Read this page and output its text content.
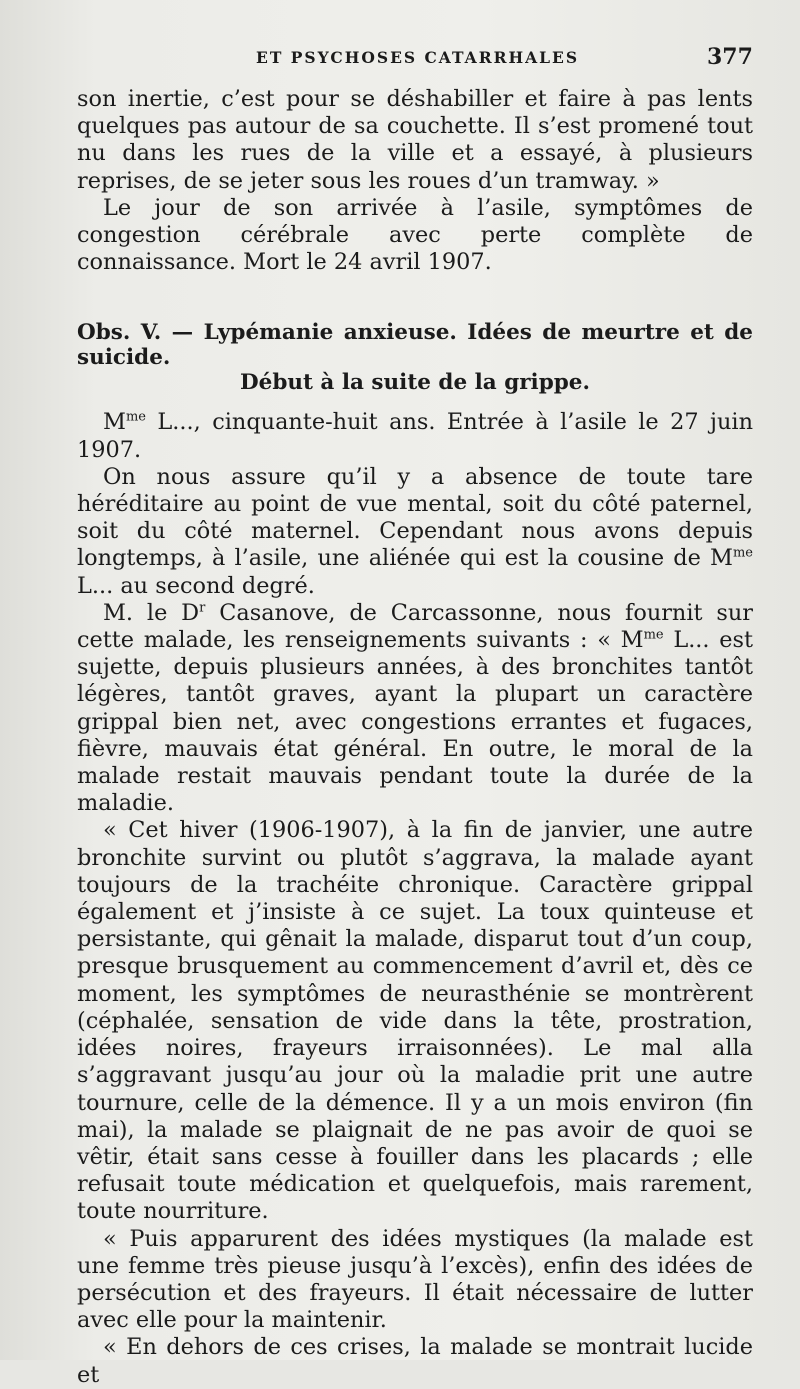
ET PSYCHOSES CATARRHALES	377

son inertie, c’est pour se déshabiller et faire à pas lents quelques pas autour de sa couchette. Il s’est promené tout nu dans les rues de la ville et a essayé, à plusieurs reprises, de se jeter sous les roues d’un tramway. »

Le jour de son arrivée à l’asile, symptômes de congestion cérébrale avec perte complète de connaissance. Mort le 24 avril 1907.

Obs. V. — Lypémanie anxieuse. Idées de meurtre et de suicide.
Début à la suite de la grippe.

$M^{me}$ L..., cinquante-huit ans. Entrée à l’asile le 27 juin 1907.

On nous assure qu’il y a absence de toute tare héréditaire au point de vue mental, soit du côté paternel, soit du côté maternel. Cependant nous avons depuis longtemps, à l’asile, une aliénée qui est la cousine de $M^{me}$ L... au second degré.

M. le $D^r$ Casanove, de Carcassonne, nous fournit sur cette malade, les renseignements suivants : « $M^{me}$ L... est sujette, depuis plusieurs années, à des bronchites tantôt légères, tantôt graves, ayant la plupart un caractère grippal bien net, avec congestions errantes et fugaces, fièvre, mauvais état général. En outre, le moral de la malade restait mauvais pendant toute la durée de la maladie.

« Cet hiver (1906-1907), à la fin de janvier, une autre bronchite survint ou plutôt s’aggrava, la malade ayant toujours de la trachéite chronique. Caractère grippal également et j’insiste à ce sujet. La toux quinteuse et persistante, qui gênait la malade, disparut tout d’un coup, presque brusquement au commencement d’avril et, dès ce moment, les symptômes de neurasthénie se montrèrent (céphalée, sensation de vide dans la tête, prostration, idées noires, frayeurs irraisonnées). Le mal alla s’aggravant jusqu’au jour où la maladie prit une autre tournure, celle de la démence. Il y a un mois environ (fin mai), la malade se plaignait de ne pas avoir de quoi se vêtir, était sans cesse à fouiller dans les placards ; elle refusait toute médication et quelquefois, mais rarement, toute nourriture.

« Puis apparurent des idées mystiques (la malade est une femme très pieuse jusqu’à l’excès), enfin des idées de persécution et des frayeurs. Il était nécessaire de lutter avec elle pour la maintenir.

« En dehors de ces crises, la malade se montrait lucide et
